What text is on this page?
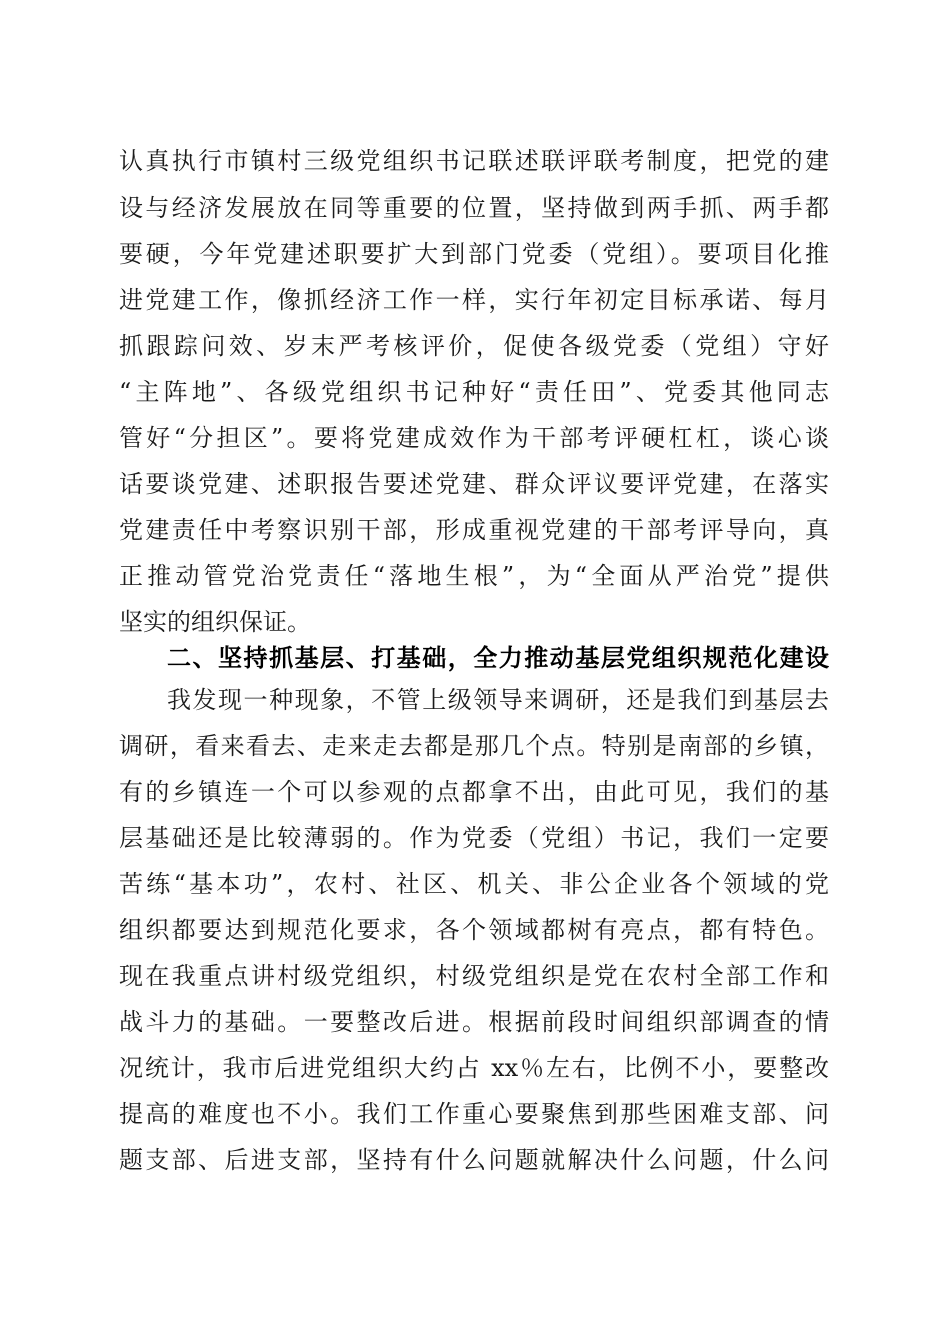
认真执行市镇村三级党组织书记联述联评联考制度，把党的建
设与经济发展放在同等重要的位置，坚持做到两手抓、两手都
要硬，今年党建述职要扩大到部门党委（党组）。要项目化推
进党建工作，像抓经济工作一样，实行年初定目标承诺、每月
抓跟踪问效、岁末严考核评价，促使各级党委（党组）守好
“主阵地”、各级党组织书记种好“责任田”、党委其他同志
管好“分担区”。要将党建成效作为干部考评硬杠杠，谈心谈
话要谈党建、述职报告要述党建、群众评议要评党建，在落实
党建责任中考察识别干部，形成重视党建的干部考评导向，真
正推动管党治党责任“落地生根”，为“全面从严治党”提供
坚实的组织保证。
二、坚持抓基层、打基础，全力推动基层党组织规范化建设
我发现一种现象，不管上级领导来调研，还是我们到基层去
调研，看来看去、走来走去都是那几个点。特别是南部的乡镇，
有的乡镇连一个可以参观的点都拿不出，由此可见，我们的基
层基础还是比较薄弱的。作为党委（党组）书记，我们一定要
苦练“基本功”，农村、社区、机关、非公企业各个领域的党
组织都要达到规范化要求，各个领域都树有亮点，都有特色。
现在我重点讲村级党组织，村级党组织是党在农村全部工作和
战斗力的基础。一要整改后进。根据前段时间组织部调查的情
况统计，我市后进党组织大约占 xx％左右，比例不小，要整改
提高的难度也不小。我们工作重心要聚焦到那些困难支部、问
题支部、后进支部，坚持有什么问题就解决什么问题，什么问
